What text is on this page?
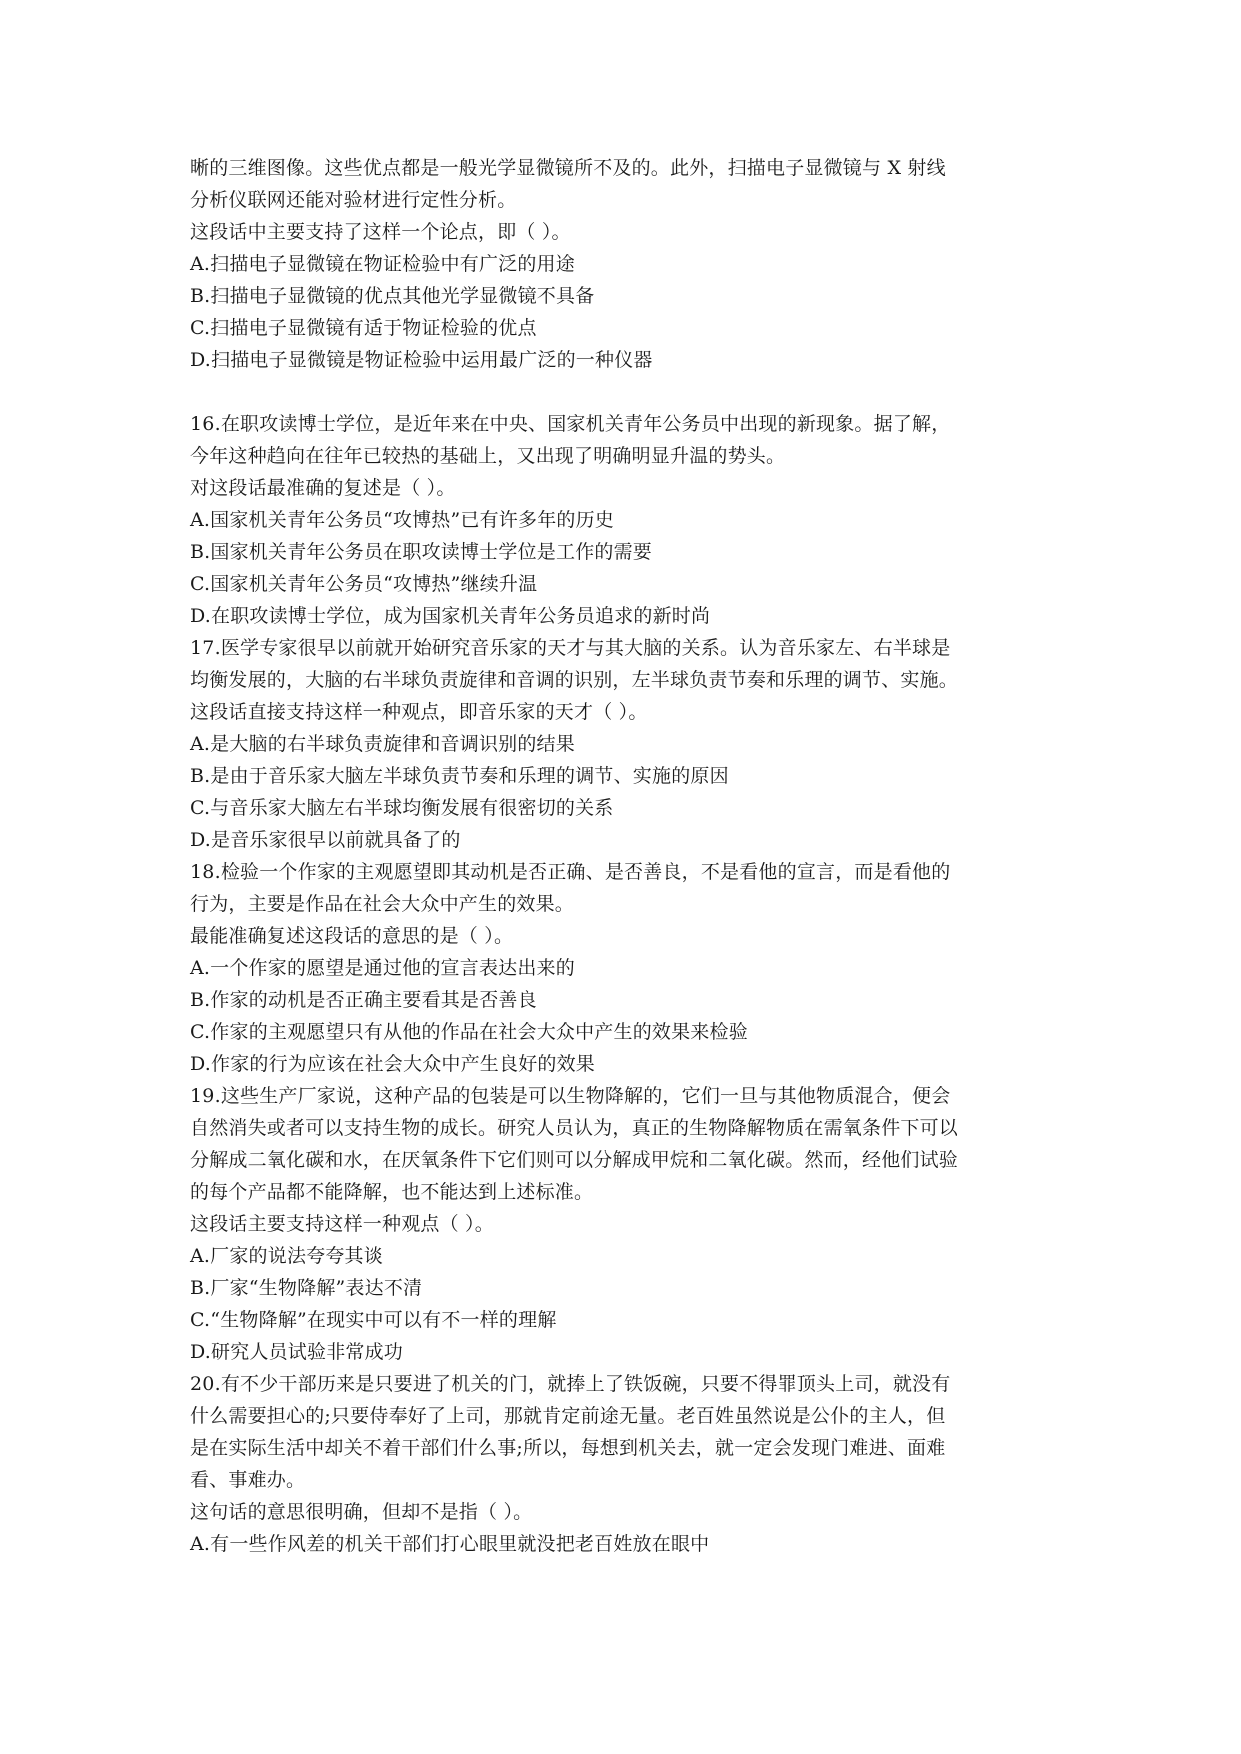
晰的三维图像。这些优点都是一般光学显微镜所不及的。此外，扫描电子显微镜与 X 射线
分析仪联网还能对验材进行定性分析。
这段话中主要支持了这样一个论点，即（ ）。
A.扫描电子显微镜在物证检验中有广泛的用途
B.扫描电子显微镜的优点其他光学显微镜不具备
C.扫描电子显微镜有适于物证检验的优点
D.扫描电子显微镜是物证检验中运用最广泛的一种仪器
16.在职攻读博士学位，是近年来在中央、国家机关青年公务员中出现的新现象。据了解，
今年这种趋向在往年已较热的基础上，又出现了明确明显升温的势头。
对这段话最准确的复述是（ ）。
A.国家机关青年公务员“攻博热”已有许多年的历史
B.国家机关青年公务员在职攻读博士学位是工作的需要
C.国家机关青年公务员“攻博热”继续升温
D.在职攻读博士学位，成为国家机关青年公务员追求的新时尚
17.医学专家很早以前就开始研究音乐家的天才与其大脑的关系。认为音乐家左、右半球是
均衡发展的，大脑的右半球负责旋律和音调的识别，左半球负责节奏和乐理的调节、实施。
这段话直接支持这样一种观点，即音乐家的天才（ ）。
A.是大脑的右半球负责旋律和音调识别的结果
B.是由于音乐家大脑左半球负责节奏和乐理的调节、实施的原因
C.与音乐家大脑左右半球均衡发展有很密切的关系
D.是音乐家很早以前就具备了的
18.检验一个作家的主观愿望即其动机是否正确、是否善良，不是看他的宣言，而是看他的
行为，主要是作品在社会大众中产生的效果。
最能准确复述这段话的意思的是（ ）。
A.一个作家的愿望是通过他的宣言表达出来的
B.作家的动机是否正确主要看其是否善良
C.作家的主观愿望只有从他的作品在社会大众中产生的效果来检验
D.作家的行为应该在社会大众中产生良好的效果
19.这些生产厂家说，这种产品的包装是可以生物降解的，它们一旦与其他物质混合，便会
自然消失或者可以支持生物的成长。研究人员认为，真正的生物降解物质在需氧条件下可以
分解成二氧化碳和水，在厌氧条件下它们则可以分解成甲烷和二氧化碳。然而，经他们试验
的每个产品都不能降解，也不能达到上述标准。
这段话主要支持这样一种观点（ ）。
A.厂家的说法夸夸其谈
B.厂家“生物降解”表达不清
C.“生物降解”在现实中可以有不一样的理解
D.研究人员试验非常成功
20.有不少干部历来是只要进了机关的门，就捧上了铁饭碗，只要不得罪顶头上司，就没有
什么需要担心的;只要侍奉好了上司，那就肯定前途无量。老百姓虽然说是公仆的主人，但
是在实际生活中却关不着干部们什么事;所以，每想到机关去，就一定会发现门难进、面难
看、事难办。
这句话的意思很明确，但却不是指（ ）。
A.有一些作风差的机关干部们打心眼里就没把老百姓放在眼中
